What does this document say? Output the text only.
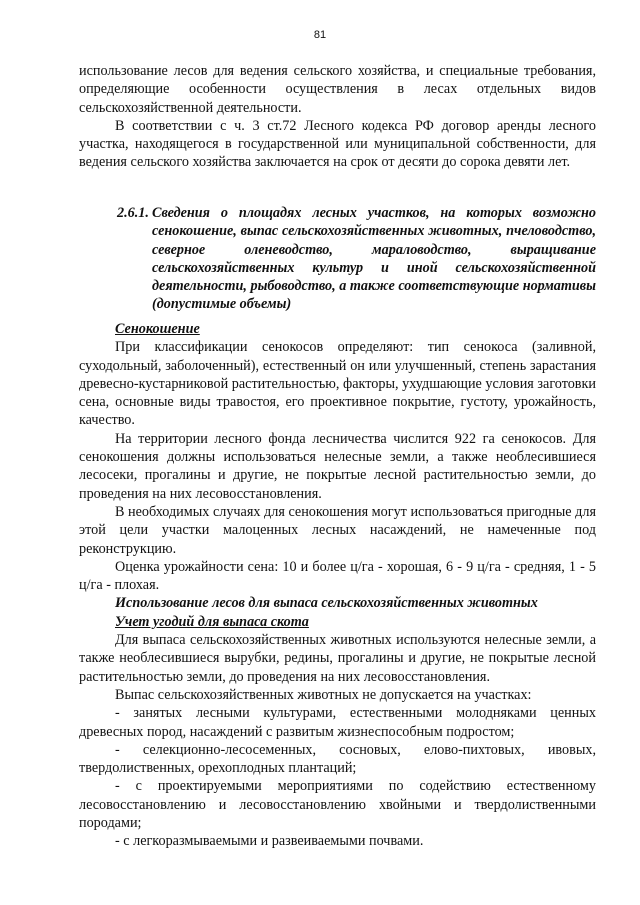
81

использование лесов для ведения сельского хозяйства, и специальные требования, определяющие особенности осуществления в лесах отдельных видов сельскохозяйственной деятельности.

В соответствии с ч. 3 ст.72 Лесного кодекса РФ договор аренды лесного участка, находящегося в государственной или муниципальной собственности, для ведения сельского хозяйства заключается на срок от десяти до сорока девяти лет.

2.6.1. Сведения о площадях лесных участков, на которых возможно сенокошение, выпас сельскохозяйственных животных, пчеловодство, северное оленеводство, мараловодство, выращивание сельскохозяйственных культур и иной сельскохозяйственной деятельности, рыбоводство, а также соответствующие нормативы (допустимые объемы)

Сенокошение

При классификации сенокосов определяют: тип сенокоса (заливной, суходольный, заболоченный), естественный он или улучшенный, степень зарастания древесно-кустарниковой растительностью, факторы, ухудшающие условия заготовки сена, основные виды травостоя, его проективное покрытие, густоту, урожайность, качество.

На территории лесного фонда лесничества числится 922 га сенокосов. Для сенокошения должны использоваться нелесные земли, а также необлесившиеся лесосеки, прогалины и другие, не покрытые лесной растительностью земли, до проведения на них лесовосстановления.

В необходимых случаях для сенокошения могут использоваться пригодные для этой цели участки малоценных лесных насаждений, не намеченные под реконструкцию.

Оценка урожайности сена: 10 и более ц/га - хорошая, 6 - 9 ц/га - средняя, 1 - 5 ц/га - плохая.

Использование лесов для выпаса сельскохозяйственных животных

Учет угодий для выпаса скота

Для выпаса сельскохозяйственных животных используются нелесные земли, а также необлесившиеся вырубки, редины, прогалины и другие, не покрытые лесной растительностью земли, до проведения на них лесовосстановления.

Выпас сельскохозяйственных животных не допускается на участках:

- занятых лесными культурами, естественными молодняками ценных древесных пород, насаждений с развитым жизнеспособным подростом;

- селекционно-лесосеменных, сосновых, елово-пихтовых, ивовых, твердолиственных, орехоплодных плантаций;

- с проектируемыми мероприятиями по содействию естественному лесовосстановлению и лесовосстановлению хвойными и твердолиственными породами;

- с легкоразмываемыми и развеиваемыми почвами.
